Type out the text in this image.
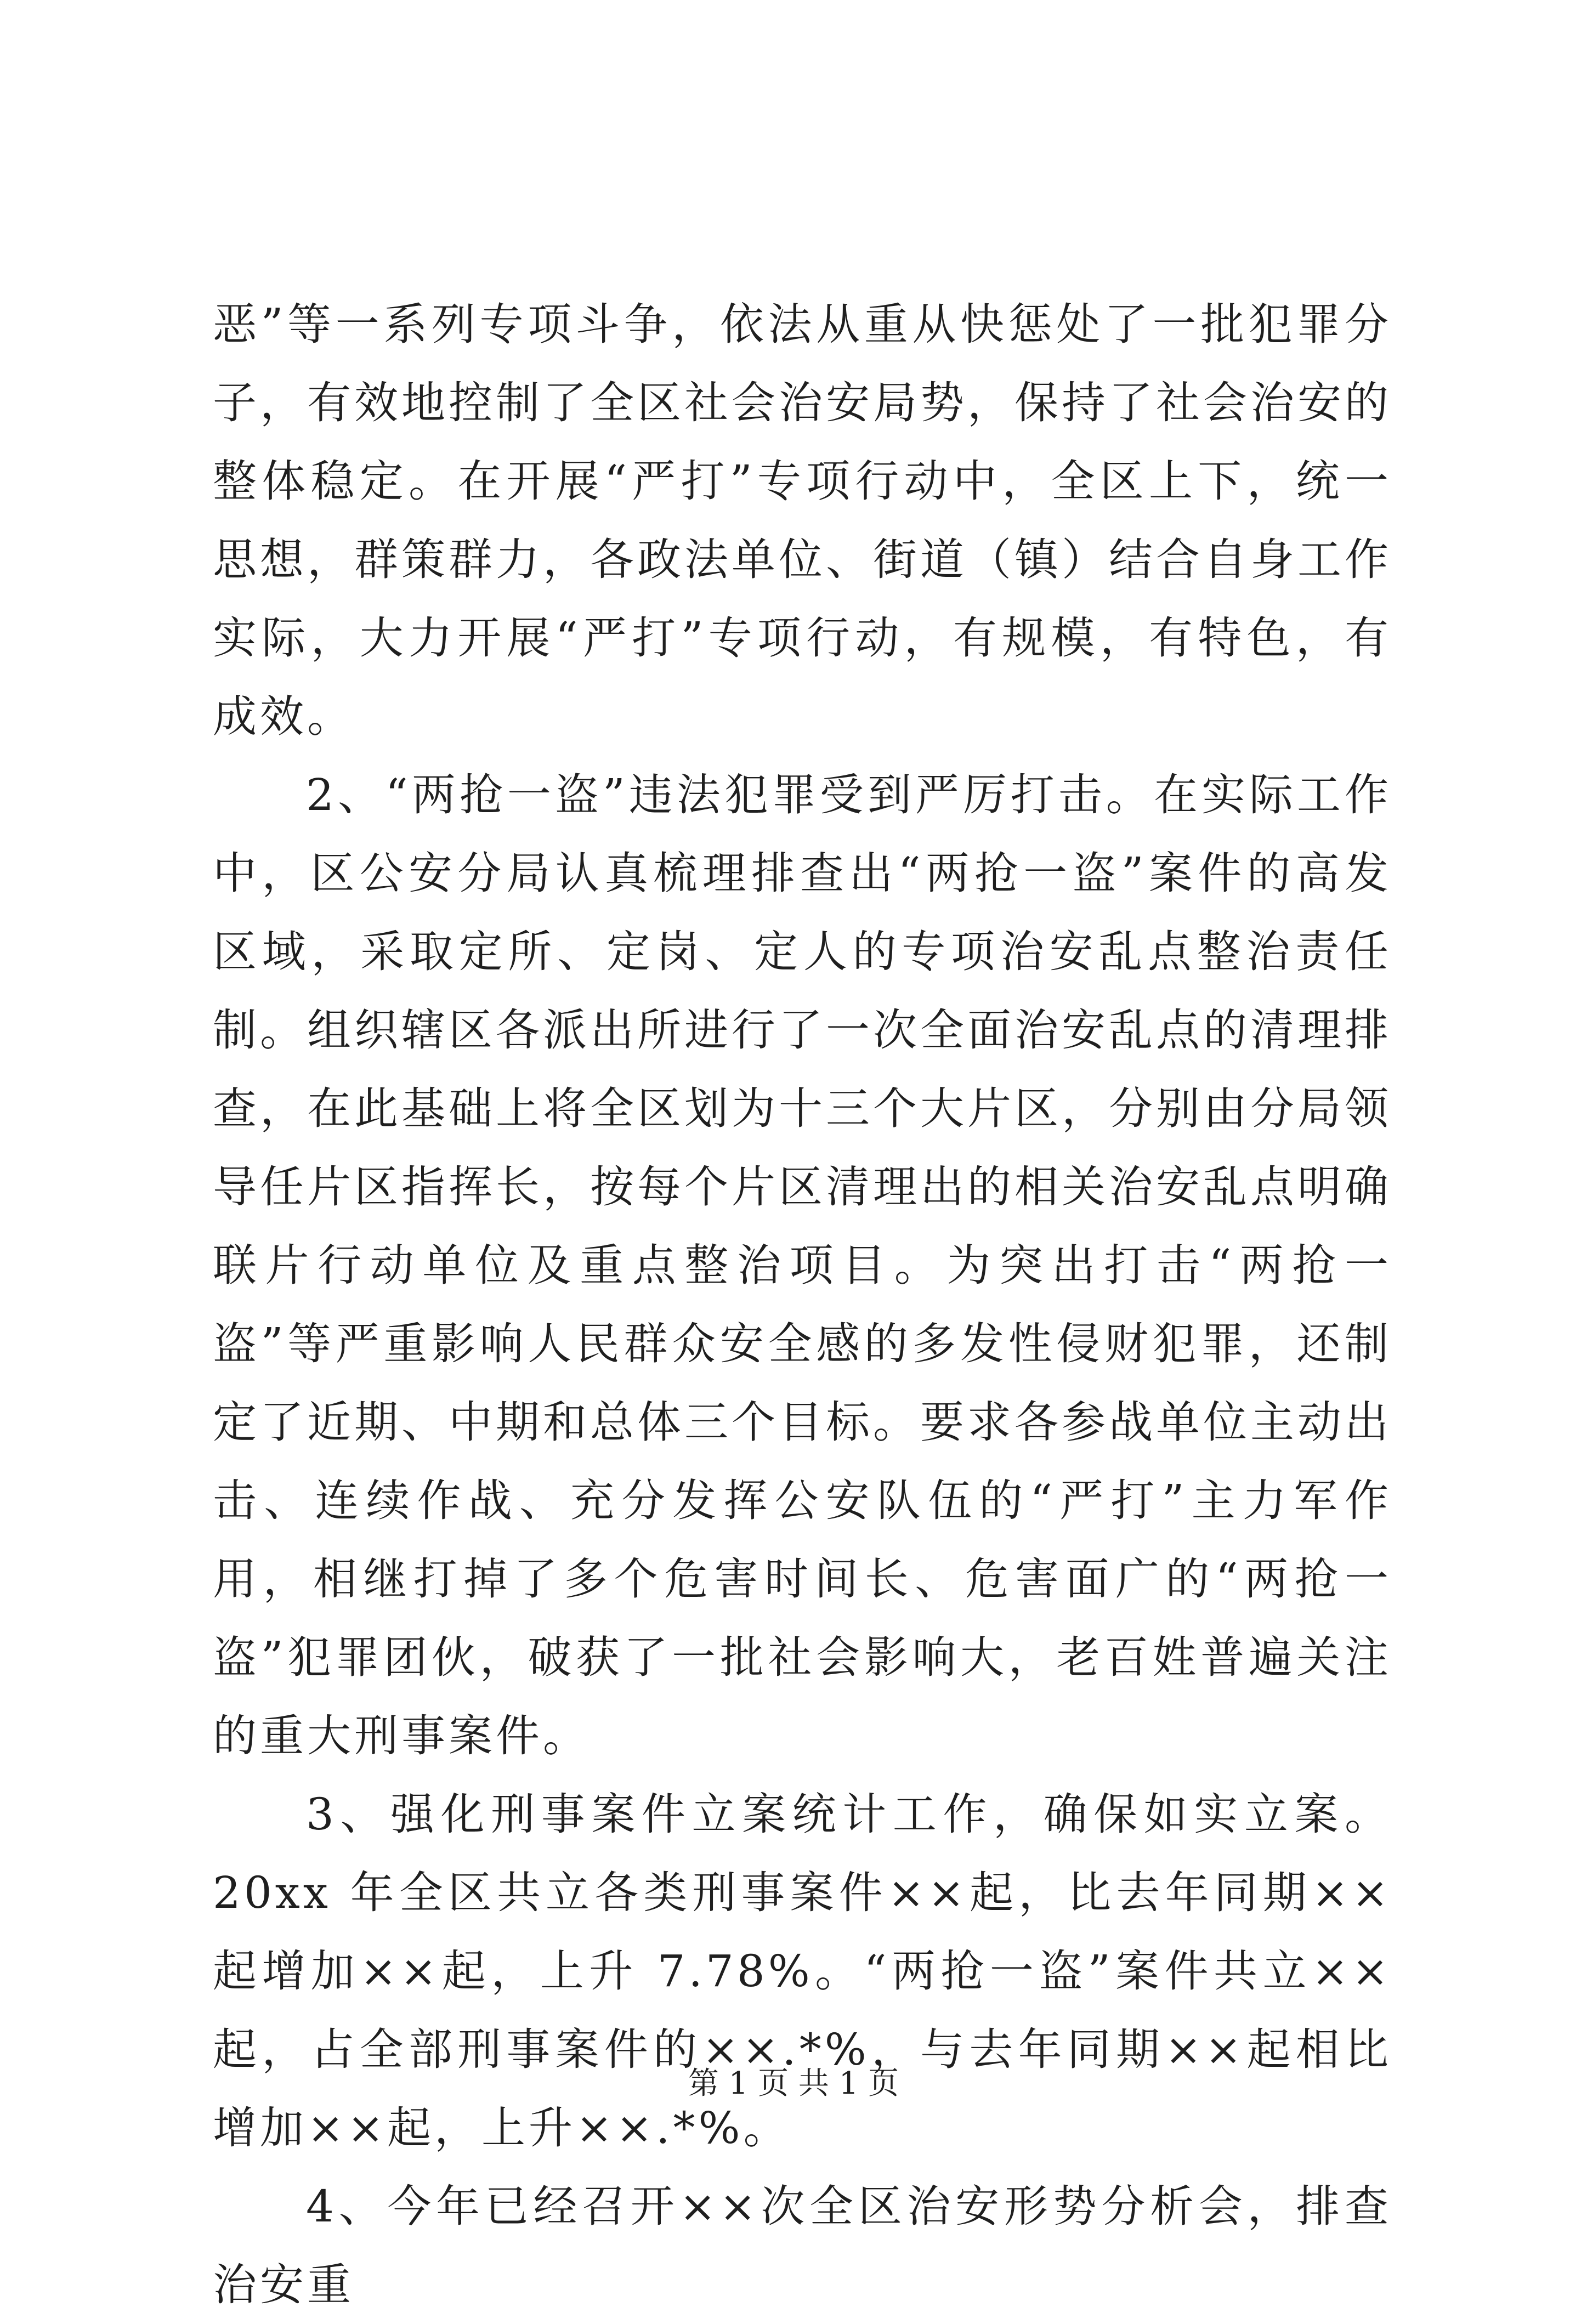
恶”等一系列专项斗争，依法从重从快惩处了一批犯罪分子，有效地控制了全区社会治安局势，保持了社会治安的整体稳定。在开展“严打”专项行动中，全区上下，统一思想，群策群力，各政法单位、街道（镇）结合自身工作实际，大力开展“严打”专项行动，有规模，有特色，有成效。

2、“两抢一盗”违法犯罪受到严厉打击。在实际工作中，区公安分局认真梳理排查出“两抢一盗”案件的高发区域，采取定所、定岗、定人的专项治安乱点整治责任制。组织辖区各派出所进行了一次全面治安乱点的清理排查，在此基础上将全区划为十三个大片区，分别由分局领导任片区指挥长，按每个片区清理出的相关治安乱点明确联片行动单位及重点整治项目。为突出打击“两抢一盗”等严重影响人民群众安全感的多发性侵财犯罪，还制定了近期、中期和总体三个目标。要求各参战单位主动出击、连续作战、充分发挥公安队伍的“严打”主力军作用，相继打掉了多个危害时间长、危害面广的“两抢一盗”犯罪团伙，破获了一批社会影响大，老百姓普遍关注的重大刑事案件。

3、强化刑事案件立案统计工作，确保如实立案。20xx 年全区共立各类刑事案件××起，比去年同期××起增加××起，上升 7.78%。“两抢一盗”案件共立××起，占全部刑事案件的××.*%，与去年同期××起相比增加××起，上升××.*%。

4、今年已经召开××次全区治安形势分析会，排查治安重

第 1 页 共 1 页
